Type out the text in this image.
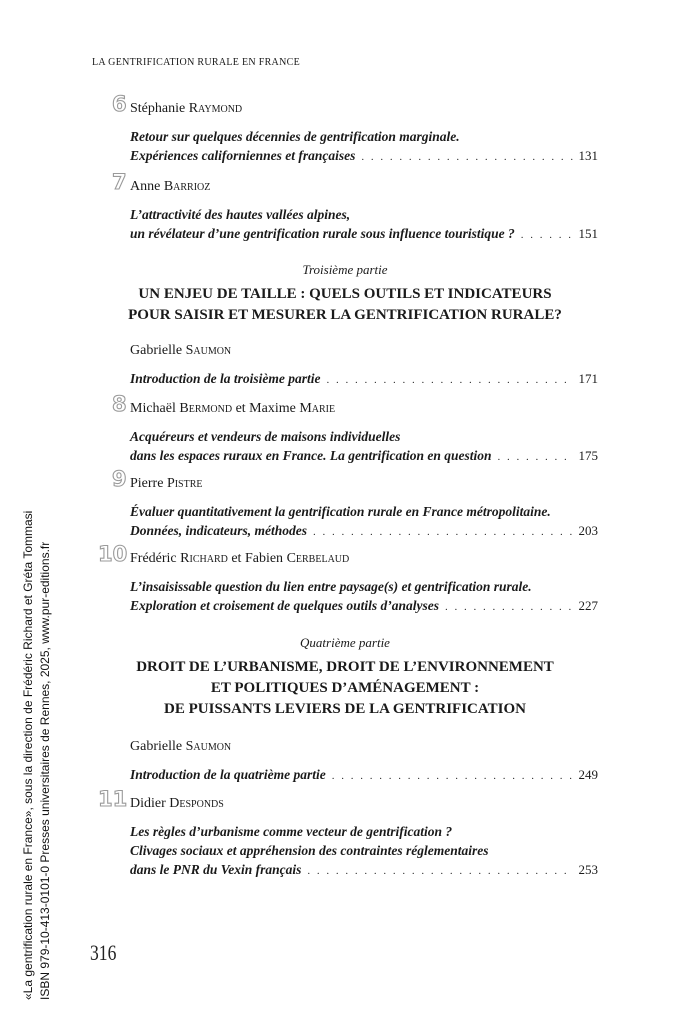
LA GENTRIFICATION RURALE EN FRANCE
6 Stéphanie Raymond
Retour sur quelques décennies de gentrification marginale.
Expériences californiennes et françaises . . .	131
7 Anne Barrioz
L’attractivité des hautes vallées alpines,
un révélateur d’une gentrification rurale sous influence touristique ? . . .	151
Troisième partie
UN ENJEU DE TAILLE : QUELS OUTILS ET INDICATEURS
POUR SAISIR ET MESURER LA GENTRIFICATION RURALE?
Gabrielle Saumon
Introduction de la troisième partie . . .	171
8 Michaël Bermond et Maxime Marie
Acquéreurs et vendeurs de maisons individuelles
dans les espaces ruraux en France. La gentrification en question . . .	175
9 Pierre Pistre
Évaluer quantitativement la gentrification rurale en France métropolitaine.
Données, indicateurs, méthodes . . .	203
10 Frédéric Richard et Fabien Cerbelaud
L’insaisissable question du lien entre paysage(s) et gentrification rurale.
Exploration et croisement de quelques outils d’analyses . . .	227
Quatrième partie
DROIT DE L’URBANISME, DROIT DE L’ENVIRONNEMENT
ET POLITIQUES D’AMÉNAGEMENT :
DE PUISSANTS LEVIERS DE LA GENTRIFICATION
Gabrielle Saumon
Introduction de la quatrième partie . . .	249
11 Didier Desponds
Les règles d’urbanisme comme vecteur de gentrification ?
Clivages sociaux et appréhension des contraintes réglementaires
dans le PNR du Vexin français . . .	253
316
«La gentrification rurale en France», sous la direction de Frédéric Richard et Gréta Tommasi ISBN 979-10-413-0101-0 Presses universitaires de Rennes, 2025, www.pur-editions.fr
